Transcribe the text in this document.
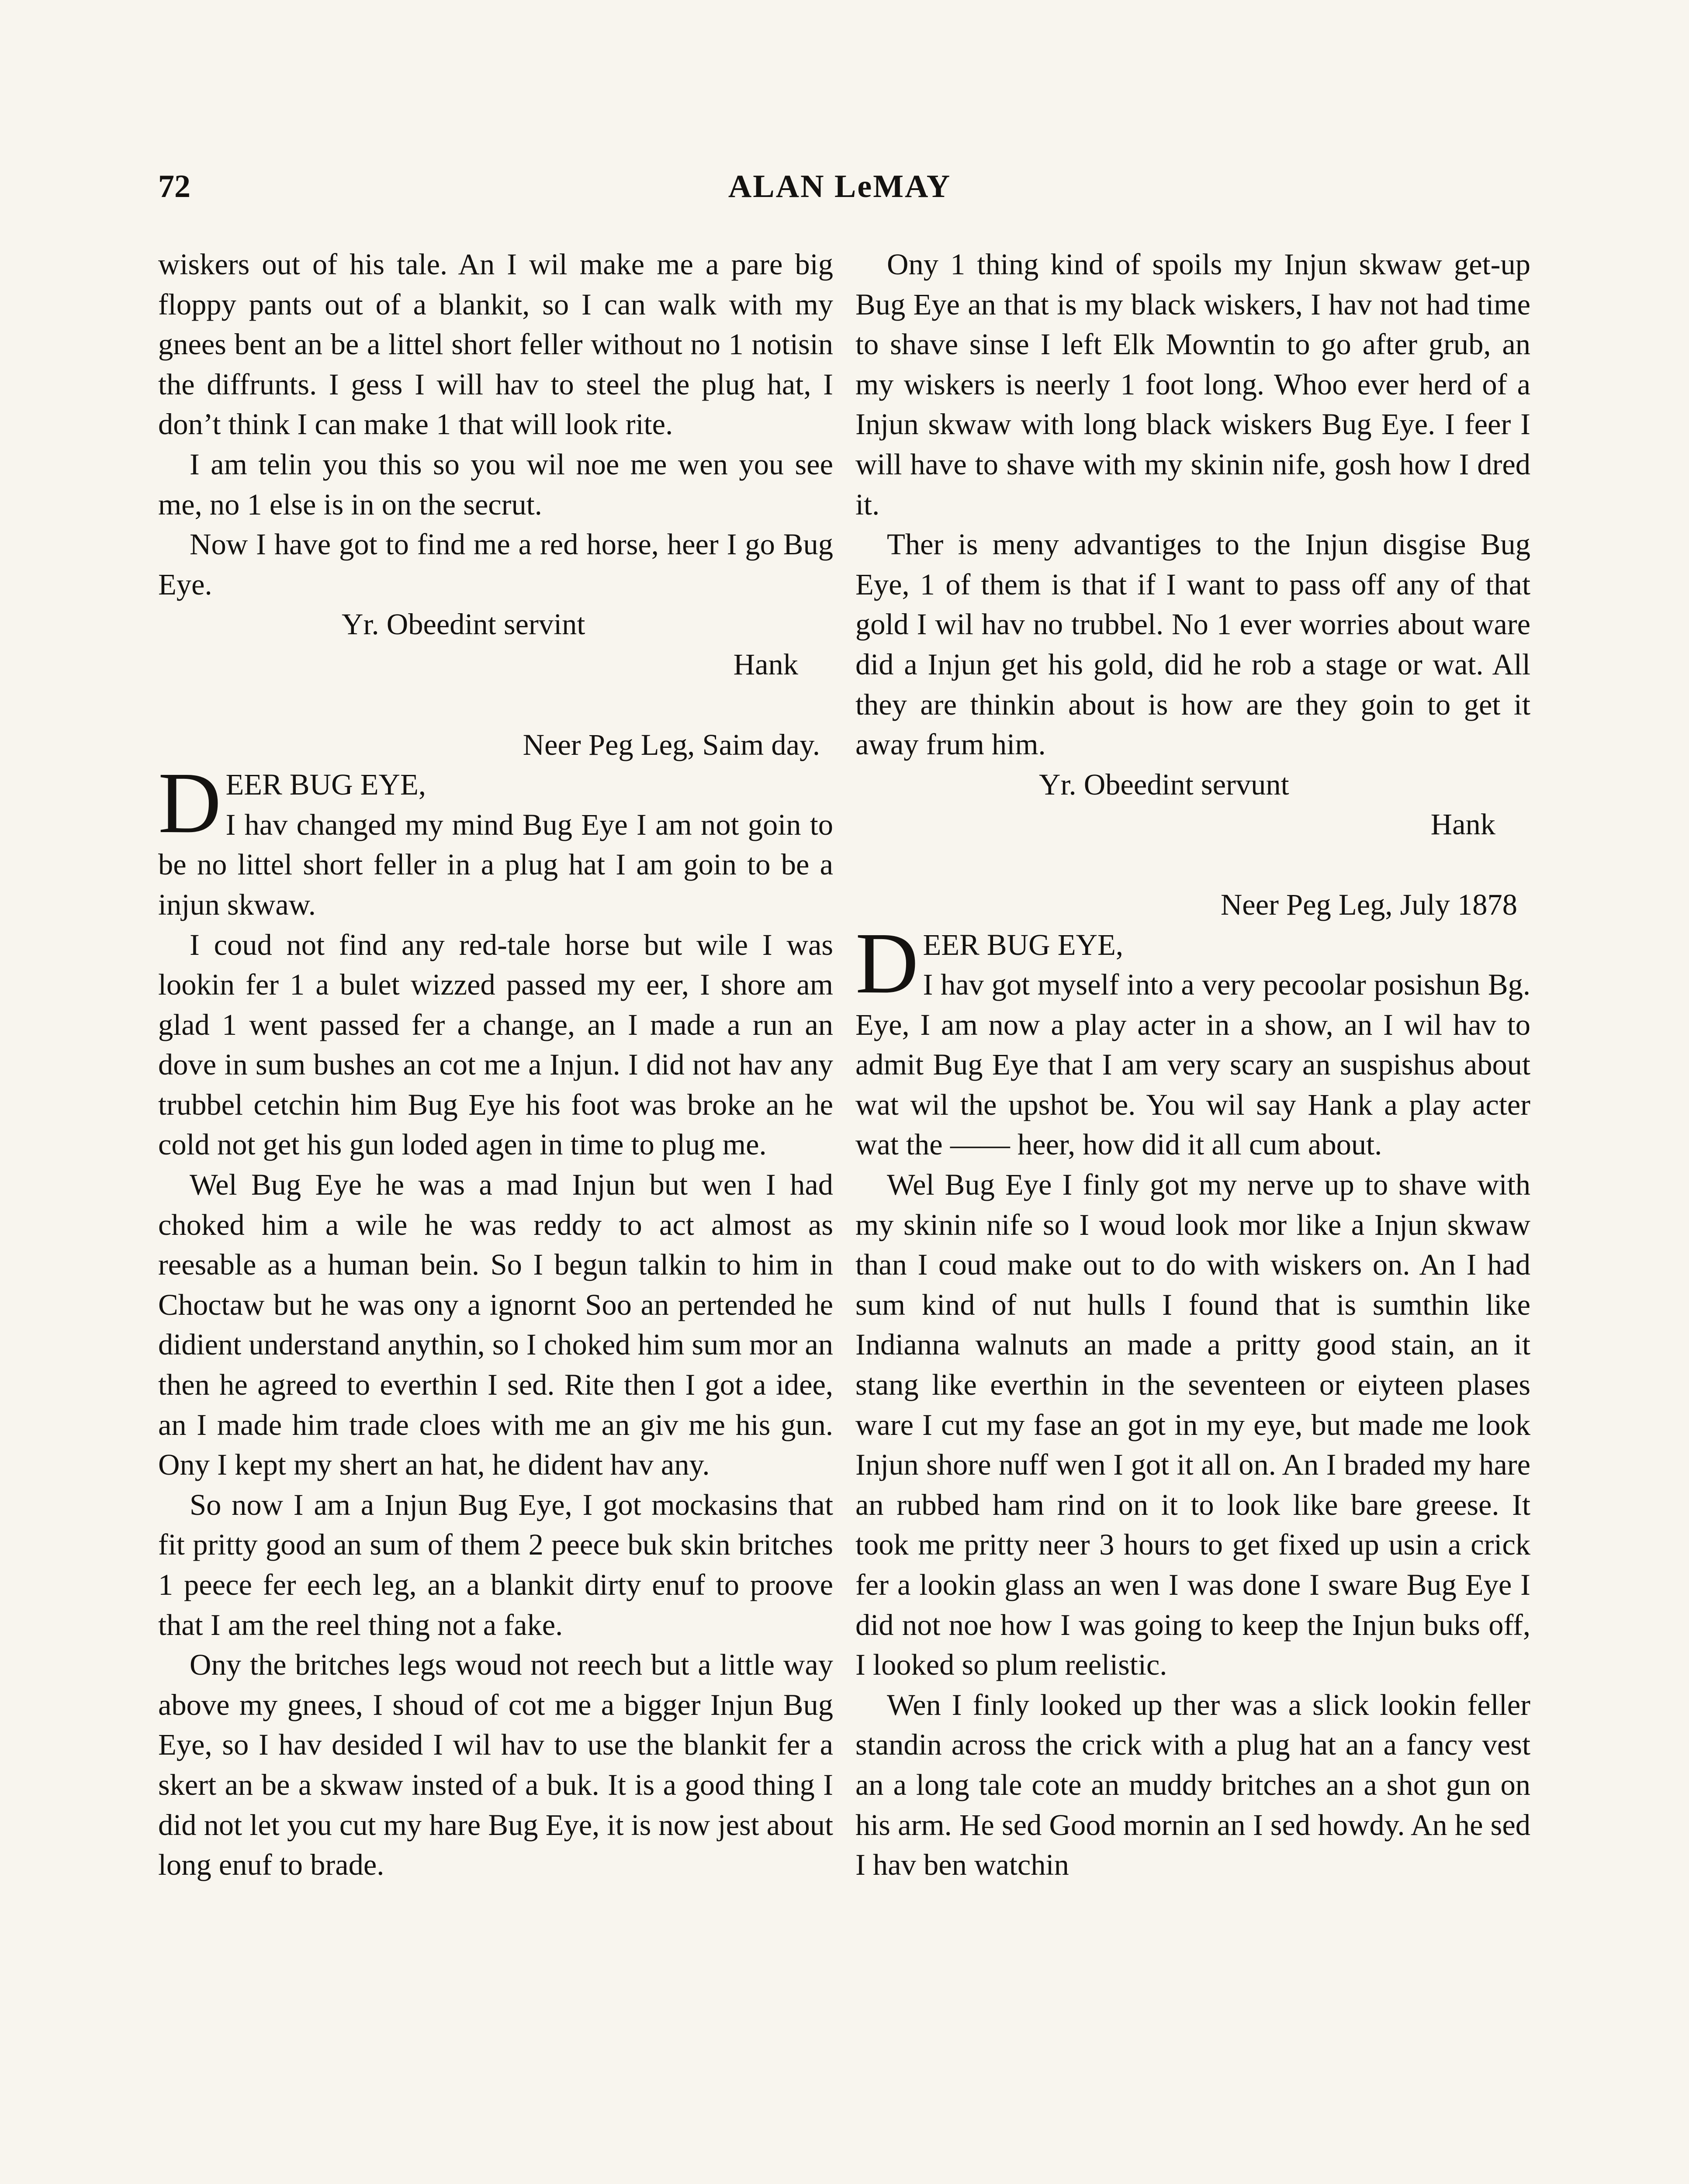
72	ALAN LeMAY

wiskers out of his tale. An I wil make me a pare big floppy pants out of a blankit, so I can walk with my gnees bent an be a littel short feller without no 1 notisin the diffrunts. I gess I will hav to steel the plug hat, I don’t think I can make 1 that will look rite.

I am telin you this so you wil noe me wen you see me, no 1 else is in on the secrut.

Now I have got to find me a red horse, heer I go Bug Eye.

Yr. Obeedint servint

Hank

Neer Peg Leg, Saim day.

DEER BUG EYE,

I hav changed my mind Bug Eye I am not goin to be no littel short feller in a plug hat I am goin to be a injun skwaw.

I coud not find any red-tale horse but wile I was lookin fer 1 a bulet wizzed passed my eer, I shore am glad 1 went passed fer a change, an I made a run an dove in sum bushes an cot me a Injun. I did not hav any trubbel cetchin him Bug Eye his foot was broke an he cold not get his gun loded agen in time to plug me.

Wel Bug Eye he was a mad Injun but wen I had choked him a wile he was reddy to act almost as reesable as a human bein. So I begun talkin to him in Choctaw but he was ony a ignornt Soo an pertended he didient understand anythin, so I choked him sum mor an then he agreed to everthin I sed. Rite then I got a idee, an I made him trade cloes with me an giv me his gun. Ony I kept my shert an hat, he dident hav any.

So now I am a Injun Bug Eye, I got mockasins that fit pritty good an sum of them 2 peece buk skin britches 1 peece fer eech leg, an a blankit dirty enuf to proove that I am the reel thing not a fake.

Ony the britches legs woud not reech but a little way above my gnees, I shoud of cot me a bigger Injun Bug Eye, so I hav desided I wil hav to use the blankit fer a skert an be a skwaw insted of a buk. It is a good thing I did not let you cut my hare Bug Eye, it is now jest about long enuf to brade.

Ony 1 thing kind of spoils my Injun skwaw get-up Bug Eye an that is my black wiskers, I hav not had time to shave sinse I left Elk Mowntin to go after grub, an my wiskers is neerly 1 foot long. Whoo ever herd of a Injun skwaw with long black wiskers Bug Eye. I feer I will have to shave with my skinin nife, gosh how I dred it.

Ther is meny advantiges to the Injun disgise Bug Eye, 1 of them is that if I want to pass off any of that gold I wil hav no trubbel. No 1 ever worries about ware did a Injun get his gold, did he rob a stage or wat. All they are thinkin about is how are they goin to get it away frum him.

Yr. Obeedint servunt

Hank

Neer Peg Leg, July 1878

DEER BUG EYE,

I hav got myself into a very pecoolar posishun Bg. Eye, I am now a play acter in a show, an I wil hav to admit Bug Eye that I am very scary an suspishus about wat wil the upshot be. You wil say Hank a play acter wat the —— heer, how did it all cum about.

Wel Bug Eye I finly got my nerve up to shave with my skinin nife so I woud look mor like a Injun skwaw than I coud make out to do with wiskers on. An I had sum kind of nut hulls I found that is sumthin like Indianna walnuts an made a pritty good stain, an it stang like everthin in the seventeen or eiyteen plases ware I cut my fase an got in my eye, but made me look Injun shore nuff wen I got it all on. An I braded my hare an rubbed ham rind on it to look like bare greese. It took me pritty neer 3 hours to get fixed up usin a crick fer a lookin glass an wen I was done I sware Bug Eye I did not noe how I was going to keep the Injun buks off, I looked so plum reelistic.

Wen I finly looked up ther was a slick lookin feller standin across the crick with a plug hat an a fancy vest an a long tale cote an muddy britches an a shot gun on his arm. He sed Good mornin an I sed howdy. An he sed I hav ben watchin
